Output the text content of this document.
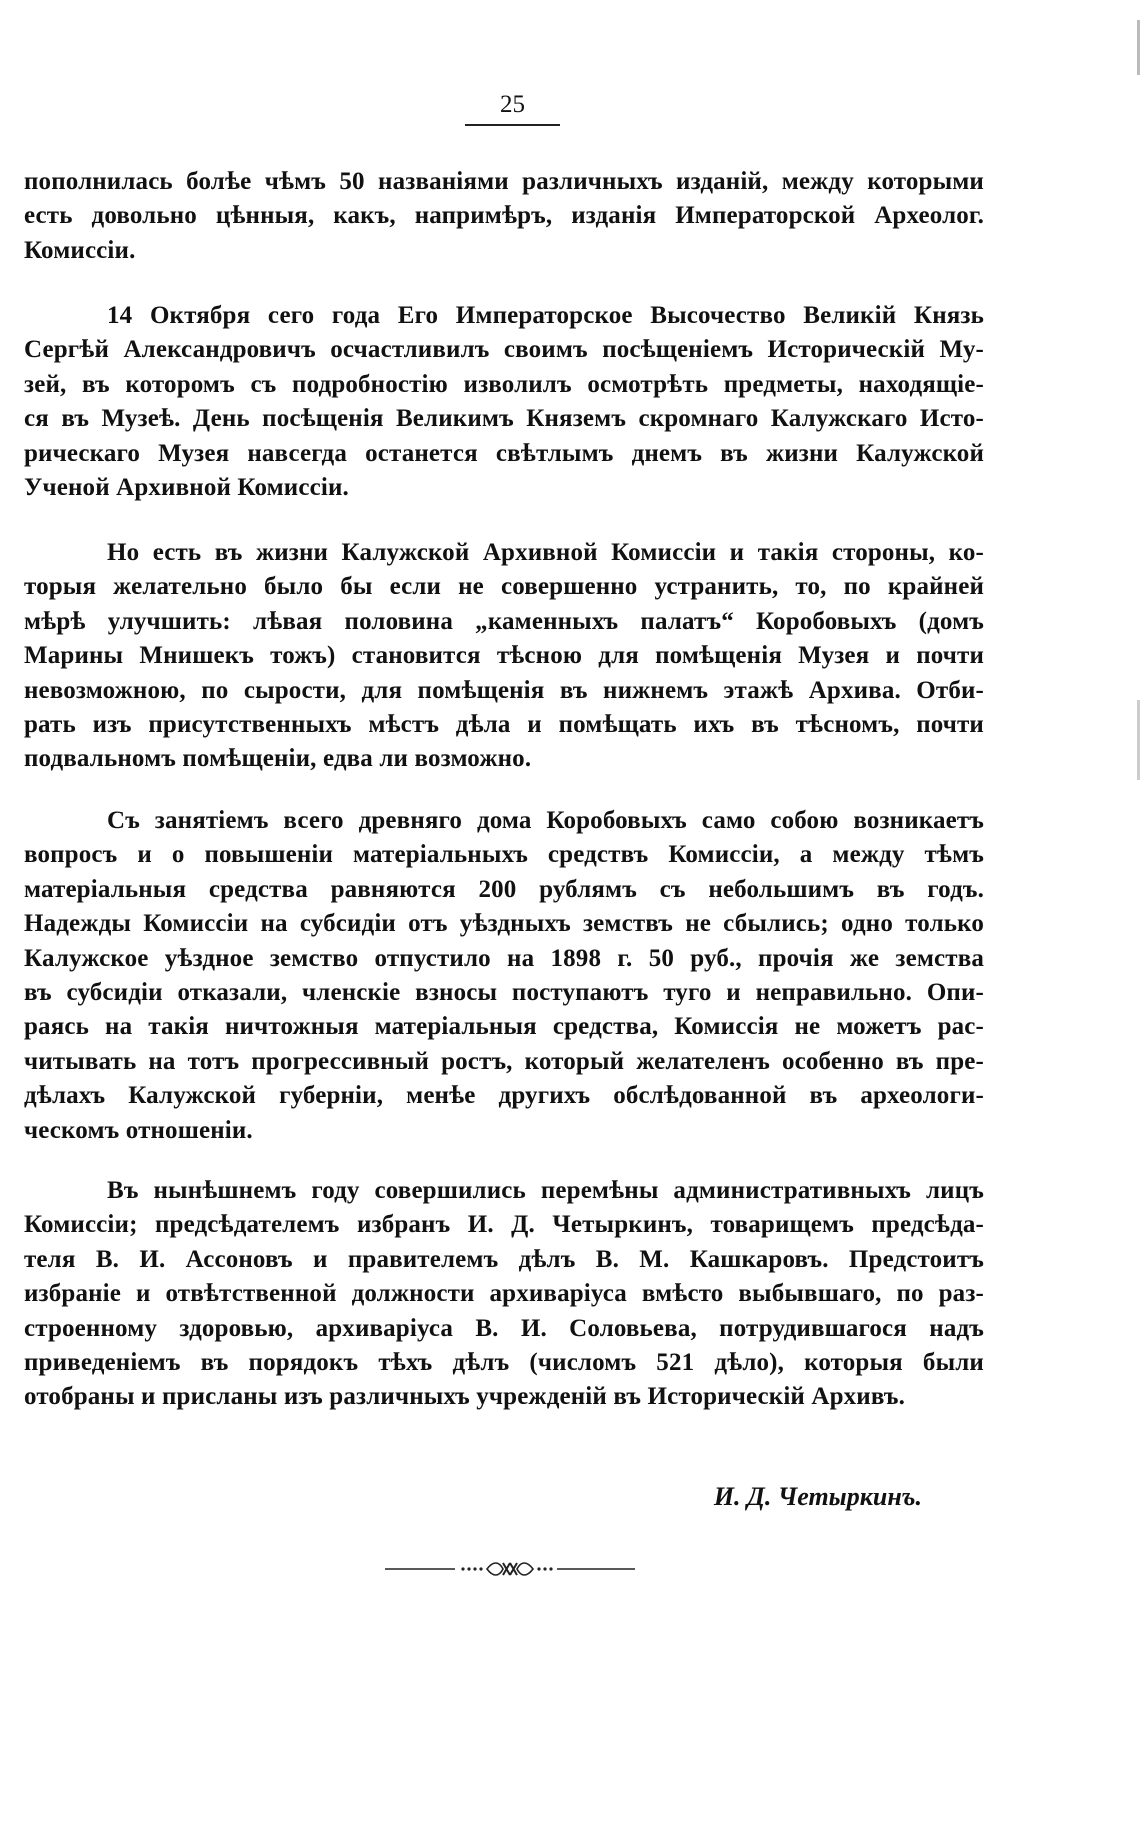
25
пополнилась болѣе чѣмъ 50 названіями различныхъ изданій, между которыми
есть довольно цѣнныя, какъ, напримѣръ, изданія Императорской Археолог.
Комиссіи.
14 Октября сего года Его Императорское Высочество Великій Князь
Сергѣй Александровичъ осчастливилъ своимъ посѣщеніемъ Историческій Му-
зей, въ которомъ съ подробностію изволилъ осмотрѣть предметы, находящіе-
ся въ Музеѣ. День посѣщенія Великимъ Княземъ скромнаго Калужскаго Исто-
рическаго Музея навсегда останется свѣтлымъ днемъ въ жизни Калужской
Ученой Архивной Комиссіи.
Но есть въ жизни Калужской Архивной Комиссіи и такія стороны, ко-
торыя желательно было бы если не совершенно устранить, то, по крайней
мѣрѣ улучшить: лѣвая половина „каменныхъ палатъ“ Коробовыхъ (домъ
Марины Мнишекъ тожъ) становится тѣсною для помѣщенія Музея и почти
невозможною, по сырости, для помѣщенія въ нижнемъ этажѣ Архива. Отби-
рать изъ присутственныхъ мѣстъ дѣла и помѣщать ихъ въ тѣсномъ, почти
подвальномъ помѣщеніи, едва ли возможно.
Съ занятіемъ всего древняго дома Коробовыхъ само собою возникаетъ
вопросъ и о повышеніи матеріальныхъ средствъ Комиссіи, а между тѣмъ
матеріальныя средства равняются 200 рублямъ съ небольшимъ въ годъ.
Надежды Комиссіи на субсидіи отъ уѣздныхъ земствъ не сбылись; одно только
Калужское уѣздное земство отпустило на 1898 г. 50 руб., прочія же земства
въ субсидіи отказали, членскіе взносы поступаютъ туго и неправильно. Опи-
раясь на такія ничтожныя матеріальныя средства, Комиссія не можетъ рас-
читывать на тотъ прогрессивный ростъ, который желателенъ особенно въ пре-
дѣлахъ Калужской губерніи, менѣе другихъ обслѣдованной въ археологи-
ческомъ отношеніи.
Въ нынѣшнемъ году совершились перемѣны административныхъ лицъ
Комиссіи; предсѣдателемъ избранъ И. Д. Четыркинъ, товарищемъ предсѣда-
теля В. И. Ассоновъ и правителемъ дѣлъ В. М. Кашкаровъ. Предстоитъ
избраніе и отвѣтственной должности архиваріуса вмѣсто выбывшаго, по раз-
строенному здоровью, архиваріуса В. И. Соловьева, потрудившагося надъ
приведеніемъ въ порядокъ тѣхъ дѣлъ (числомъ 521 дѣло), которыя были
отобраны и присланы изъ различныхъ учрежденій въ Историческій Архивъ.
И. Д. Четыркинъ.
